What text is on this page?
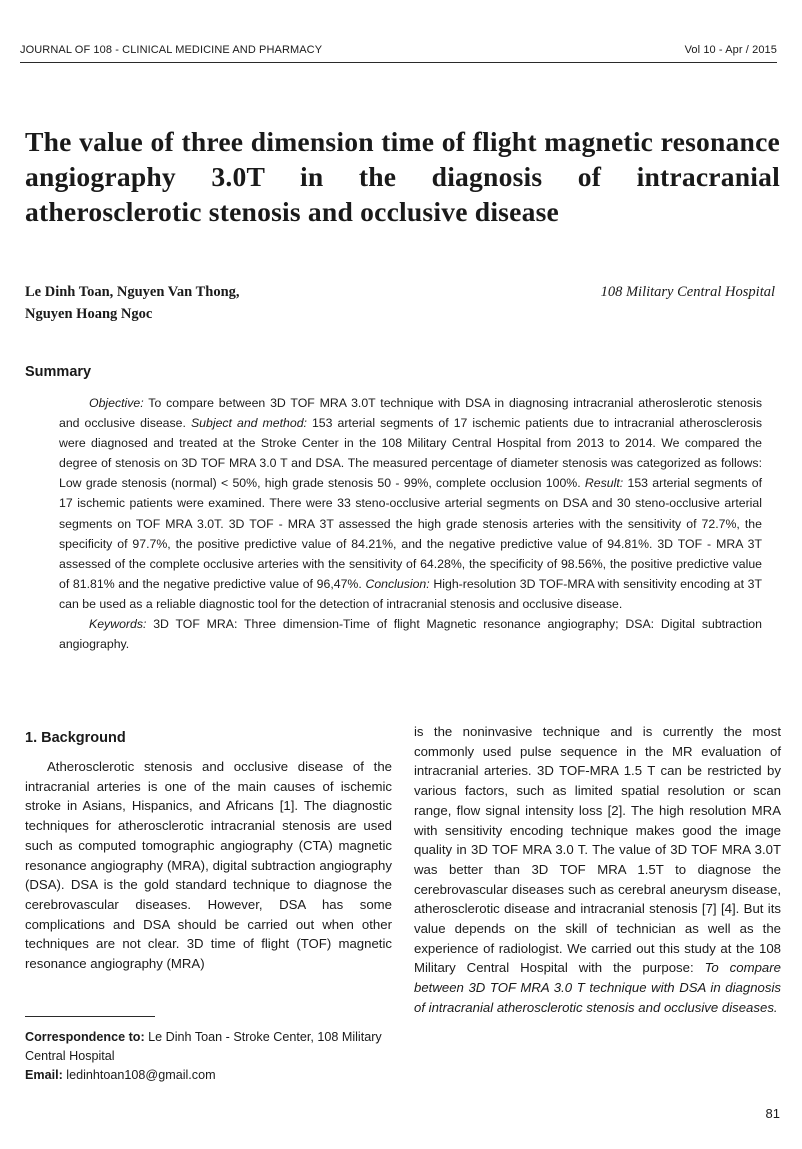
JOURNAL OF 108 - CLINICAL MEDICINE AND PHARMACY	Vol 10 - Apr / 2015
The value of three dimension time of flight magnetic resonance angiography 3.0T in the diagnosis of intracranial atherosclerotic stenosis and occlusive disease
Le Dinh Toan, Nguyen Van Thong,
Nguyen Hoang Ngoc
108 Military Central Hospital
Summary

Objective: To compare between 3D TOF MRA 3.0T technique with DSA in diagnosing intracranial atheroslerotic stenosis and occlusive disease. Subject and method: 153 arterial segments of 17 ischemic patients due to intracranial atherosclerosis were diagnosed and treated at the Stroke Center in the 108 Military Central Hospital from 2013 to 2014. We compared the degree of stenosis on 3D TOF MRA 3.0 T and DSA. The measured percentage of diameter stenosis was categorized as follows: Low grade stenosis (normal) < 50%, high grade stenosis 50 - 99%, complete occlusion 100%. Result: 153 arterial segments of 17 ischemic patients were examined. There were 33 steno-occlusive arterial segments on DSA and 30 steno-occlusive arterial segments on TOF MRA 3.0T. 3D TOF - MRA 3T assessed the high grade stenosis arteries with the sensitivity of 72.7%, the specificity of 97.7%, the positive predictive value of 84.21%, and the negative predictive value of 94.81%. 3D TOF - MRA 3T assessed of the complete occlusive arteries with the sensitivity of 64.28%, the specificity of 98.56%, the positive predictive value of 81.81% and the negative predictive value of 96,47%. Conclusion: High-resolution 3D TOF-MRA with sensitivity encoding at 3T can be used as a reliable diagnostic tool for the detection of intracranial stenosis and occlusive disease.

Keywords: 3D TOF MRA: Three dimension-Time of flight Magnetic resonance angiography; DSA: Digital subtraction angiography.

1. Background

Atherosclerotic stenosis and occlusive disease of the intracranial arteries is one of the main causes of ischemic stroke in Asians, Hispanics, and Africans [1]. The diagnostic techniques for atherosclerotic intracranial stenosis are used such as computed tomographic angiography (CTA) magnetic resonance angiography (MRA), digital subtraction angiography (DSA). DSA is the gold standard technique to diagnose the cerebrovascular diseases. However, DSA has some complications and DSA should be carried out when other techniques are not clear. 3D time of flight (TOF) magnetic resonance angiography (MRA)

is the noninvasive technique and is currently the most commonly used pulse sequence in the MR evaluation of intracranial arteries. 3D TOF-MRA 1.5 T can be restricted by various factors, such as limited spatial resolution or scan range, flow signal intensity loss [2]. The high resolution MRA with sensitivity encoding technique makes good the image quality in 3D TOF MRA 3.0 T. The value of 3D TOF MRA 3.0T was better than 3D TOF MRA 1.5T to diagnose the cerebrovascular diseases such as cerebral aneurysm disease, atherosclerotic disease and intracranial stenosis [7] [4]. But its value depends on the skill of technician as well as the experience of radiologist. We carried out this study at the 108 Military Central Hospital with the purpose: To compare between 3D TOF MRA 3.0 T technique with DSA in diagnosis of intracranial atherosclerotic stenosis and occlusive diseases.

Correspondence to: Le Dinh Toan - Stroke Center, 108 Military Central Hospital
Email: ledinhtoan108@gmail.com
81
